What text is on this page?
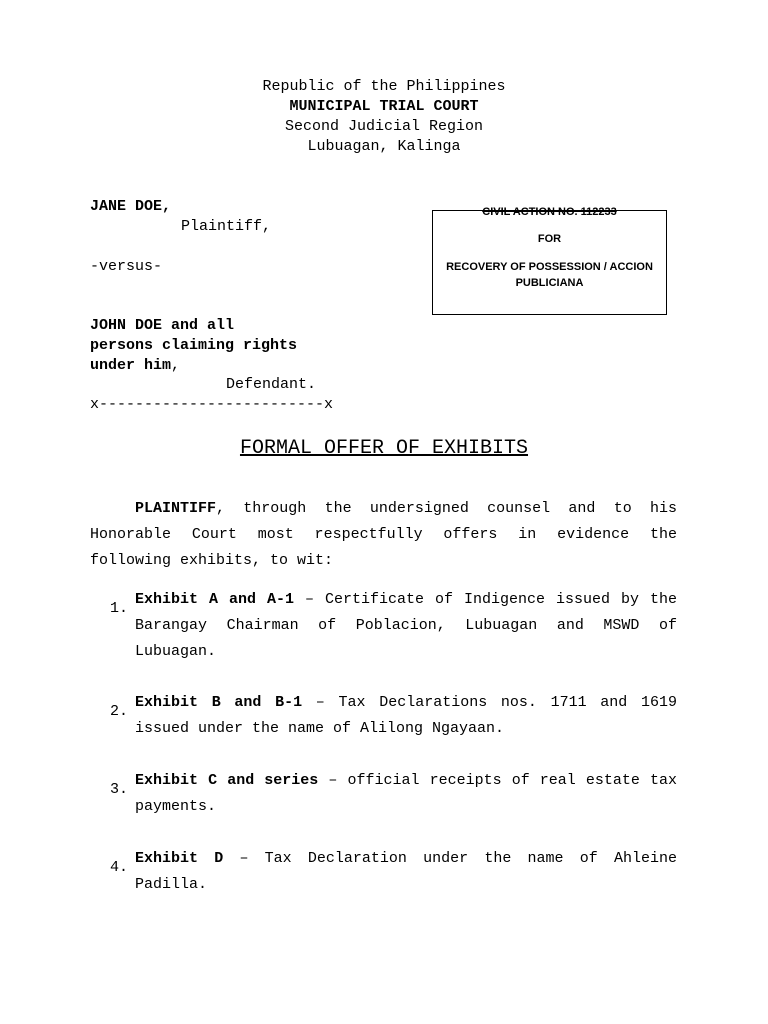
Republic of the Philippines
MUNICIPAL TRIAL COURT
Second Judicial Region
Lubuagan, Kalinga
JANE DOE,
Plaintiff,
-versus-
JOHN DOE and all
persons claiming rights
under him,
Defendant.
x-------------------------x
CIVIL ACTION NO. 112233
FOR
RECOVERY OF POSSESSION / ACCION
PUBLICIANA
FORMAL OFFER OF EXHIBITS
PLAINTIFF, through the undersigned counsel and to his Honorable Court most respectfully offers in evidence the following exhibits, to wit:
1.
Exhibit A and A-1 – Certificate of Indigence issued by the Barangay Chairman of Poblacion, Lubuagan and MSWD of Lubuagan.
2.
Exhibit B and B-1 – Tax Declarations nos. 1711 and 1619 issued under the name of Alilong Ngayaan.
3.
Exhibit C and series – official receipts of real estate tax payments.
4.
Exhibit D – Tax Declaration under the name of Ahleine Padilla.
